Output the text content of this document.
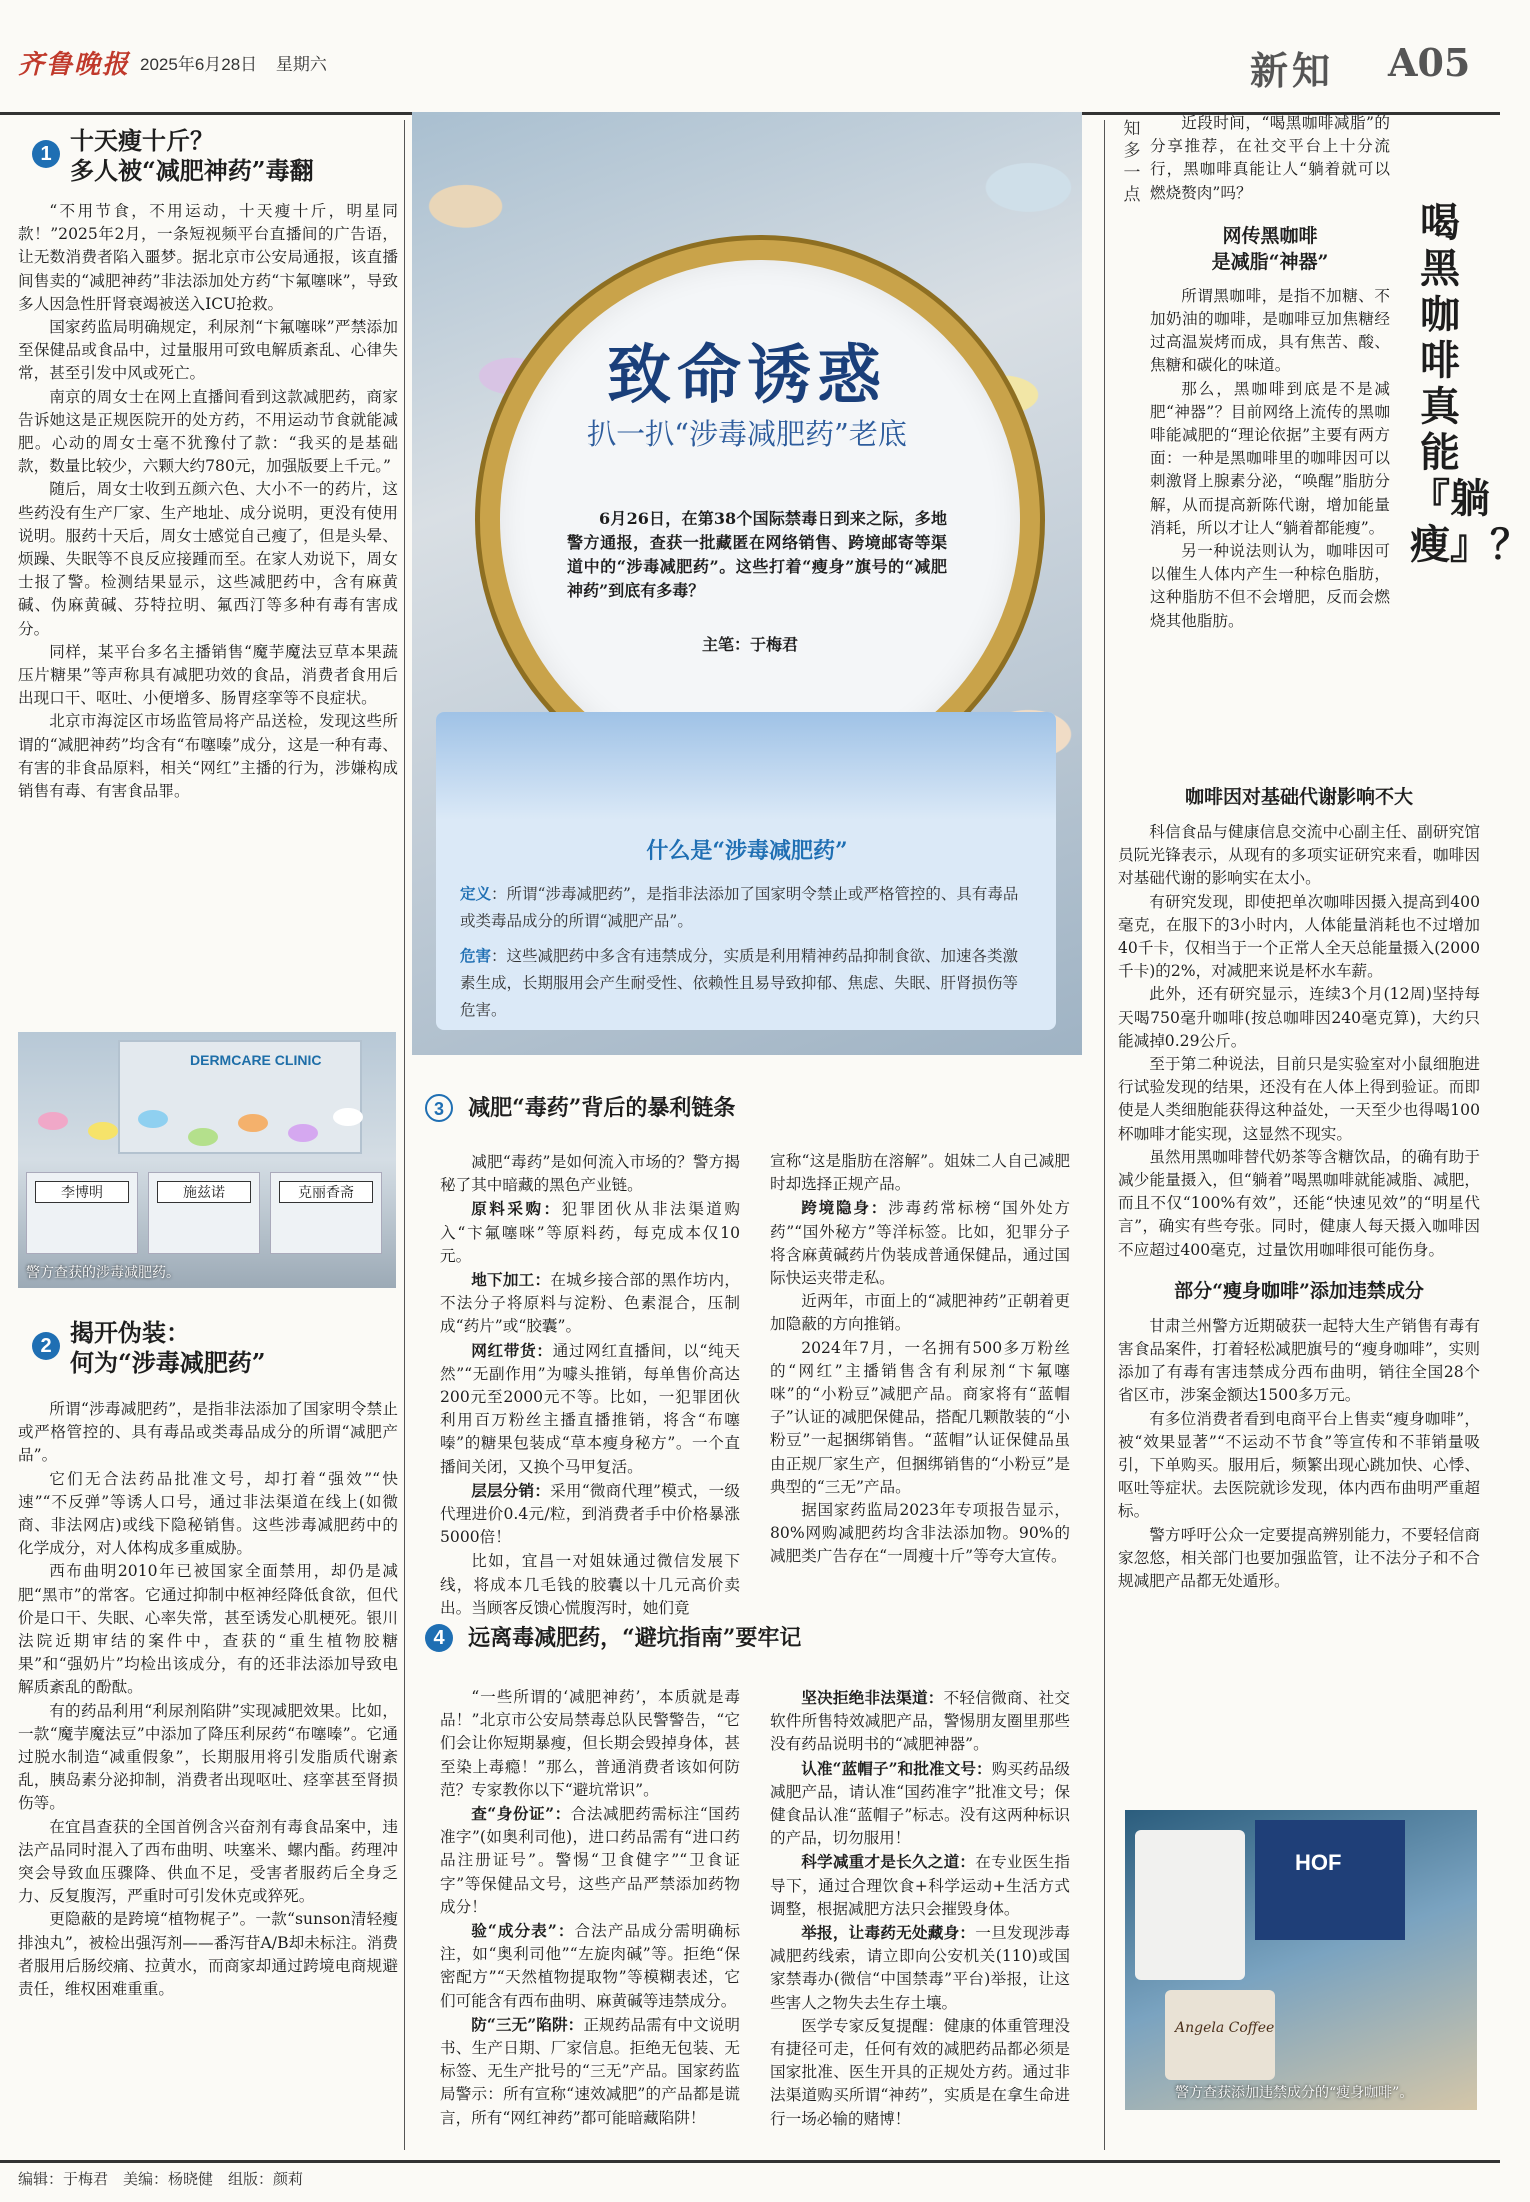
齐鲁晚报 2025年6月28日 星期六	新知 A05
1 十天瘦十斤？
多人被“减肥神药”毒翻

“不用节食，不用运动，十天瘦十斤，明星同款！”2025年2月，一条短视频平台直播间的广告语，让无数消费者陷入噩梦。据北京市公安局通报，该直播间售卖的“减肥神药”非法添加处方药“卞氟噻咪”，导致多人因急性肝肾衰竭被送入ICU抢救。

国家药监局明确规定，利尿剂“卞氟噻咪”严禁添加至保健品或食品中，过量服用可致电解质紊乱、心律失常，甚至引发中风或死亡。

南京的周女士在网上直播间看到这款减肥药，商家告诉她这是正规医院开的处方药，不用运动节食就能减肥。心动的周女士毫不犹豫付了款：“我买的是基础款，数量比较少，六颗大约780元，加强版要上千元。”

随后，周女士收到五颜六色、大小不一的药片，这些药没有生产厂家、生产地址、成分说明，更没有使用说明。服药十天后，周女士感觉自己瘦了，但是头晕、烦躁、失眠等不良反应接踵而至。在家人劝说下，周女士报了警。检测结果显示，这些减肥药中，含有麻黄碱、伪麻黄碱、芬特拉明、氟西汀等多种有毒有害成分。

同样，某平台多名主播销售“魔芋魔法豆草本果蔬压片糖果”等声称具有减肥功效的食品，消费者食用后出现口干、呕吐、小便增多、肠胃痉挛等不良症状。

北京市海淀区市场监管局将产品送检，发现这些所谓的“减肥神药”均含有“布噻嗪”成分，这是一种有毒、有害的非食品原料，相关“网红”主播的行为，涉嫌构成销售有毒、有害食品罪。

DERMCARE CLINIC
李博明	施兹诺	克丽香斋
警方查获的涉毒减肥药。
2 揭开伪装：
何为“涉毒减肥药”

所谓“涉毒减肥药”，是指非法添加了国家明令禁止或严格管控的、具有毒品或类毒品成分的所谓“减肥产品”。

它们无合法药品批准文号，却打着“强效”“快速”“不反弹”等诱人口号，通过非法渠道在线上(如微商、非法网店)或线下隐秘销售。这些涉毒减肥药中的化学成分，对人体构成多重威胁。

西布曲明2010年已被国家全面禁用，却仍是减肥“黑市”的常客。它通过抑制中枢神经降低食欲，但代价是口干、失眠、心率失常，甚至诱发心肌梗死。银川法院近期审结的案件中，查获的“重生植物胶糖果”和“强奶片”均检出该成分，有的还非法添加导致电解质紊乱的酚酞。

有的药品利用“利尿剂陷阱”实现减肥效果。比如，一款“魔芋魔法豆”中添加了降压利尿药“布噻嗪”。它通过脱水制造“减重假象”，长期服用将引发脂质代谢紊乱，胰岛素分泌抑制，消费者出现呕吐、痉挛甚至肾损伤等。

在宜昌查获的全国首例含兴奋剂有毒食品案中，违法产品同时混入了西布曲明、呋塞米、螺内酯。药理冲突会导致血压骤降、供血不足，受害者服药后全身乏力、反复腹泻，严重时可引发休克或猝死。

更隐蔽的是跨境“植物梶子”。一款“sunson清轻瘦排浊丸”，被检出强泻剂——番泻苷A/B却未标注。消费者服用后肠绞痛、拉黄水，而商家却通过跨境电商规避责任，维权困难重重。

致命诱惑
扒一扒“涉毒减肥药”老底
6月26日，在第38个国际禁毒日到来之际，多地警方通报，查获一批藏匿在网络销售、跨境邮寄等渠道中的“涉毒减肥药”。这些打着“瘦身”旗号的“减肥神药”到底有多毒？
主笔：于梅君
什么是“涉毒减肥药”
定义：所谓“涉毒减肥药”，是指非法添加了国家明令禁止或严格管控的、具有毒品或类毒品成分的所谓“减肥产品”。
危害：这些减肥药中多含有违禁成分，实质是利用精神药品抑制食欲、加速各类激素生成，长期服用会产生耐受性、依赖性且易导致抑郁、焦虑、失眠、肝肾损伤等危害。
3 减肥“毒药”背后的暴利链条

减肥“毒药”是如何流入市场的？警方揭秘了其中暗藏的黑色产业链。

原料采购：犯罪团伙从非法渠道购入“卞氟噻咪”等原料药，每克成本仅10元。

地下加工：在城乡接合部的黑作坊内，不法分子将原料与淀粉、色素混合，压制成“药片”或“胶囊”。

网红带货：通过网红直播间，以“纯天然”“无副作用”为噱头推销，每单售价高达200元至2000元不等。比如，一犯罪团伙利用百万粉丝主播直播推销，将含“布噻嗪”的糖果包装成“草本瘦身秘方”。一个直播间关闭，又换个马甲复活。

层层分销：采用“微商代理”模式，一级代理进价0.4元/粒，到消费者手中价格暴涨5000倍！

比如，宜昌一对姐妹通过微信发展下线，将成本几毛钱的胶囊以十几元高价卖出。当顾客反馈心慌腹泻时，她们竟

宣称“这是脂肪在溶解”。姐妹二人自己减肥时却选择正规产品。

跨境隐身：涉毒药常标榜“国外处方药”“国外秘方”等洋标签。比如，犯罪分子将含麻黄碱药片伪装成普通保健品，通过国际快运夹带走私。

近两年，市面上的“减肥神药”正朝着更加隐蔽的方向推销。

2024年7月，一名拥有500多万粉丝的“网红”主播销售含有利尿剂“卞氟噻咪”的“小粉豆”减肥产品。商家将有“蓝帽子”认证的减肥保健品，搭配几颗散装的“小粉豆”一起捆绑销售。“蓝帽”认证保健品虽由正规厂家生产，但捆绑销售的“小粉豆”是典型的“三无”产品。

据国家药监局2023年专项报告显示，80%网购减肥药均含非法添加物。90%的减肥类广告存在“一周瘦十斤”等夸大宣传。

4 远离毒减肥药，“避坑指南”要牢记

“一些所谓的‘减肥神药’，本质就是毒品！”北京市公安局禁毒总队民警警告，“它们会让你短期暴瘦，但长期会毁掉身体，甚至染上毒瘾！”那么，普通消费者该如何防范？专家教你以下“避坑常识”。

查“身份证”：合法减肥药需标注“国药准字”(如奥利司他)，进口药品需有“进口药品注册证号”。警惕“卫食健字”“卫食证字”等保健品文号，这些产品严禁添加药物成分！

验“成分表”：合法产品成分需明确标注，如“奥利司他”“左旋肉碱”等。拒绝“保密配方”“天然植物提取物”等模糊表述，它们可能含有西布曲明、麻黄碱等违禁成分。

防“三无”陷阱：正规药品需有中文说明书、生产日期、厂家信息。拒绝无包装、无标签、无生产批号的“三无”产品。国家药监局警示：所有宣称“速效减肥”的产品都是谎言，所有“网红神药”都可能暗藏陷阱！

坚决拒绝非法渠道：不轻信微商、社交软件所售特效减肥产品，警惕朋友圈里那些没有药品说明书的“减肥神器”。

认准“蓝帽子”和批准文号：购买药品级减肥产品，请认准“国药准字”批准文号；保健食品认准“蓝帽子”标志。没有这两种标识的产品，切勿服用！

科学减重才是长久之道：在专业医生指导下，通过合理饮食+科学运动+生活方式调整，根据减肥方法只会摧毁身体。

举报，让毒药无处藏身：一旦发现涉毒减肥药线索，请立即向公安机关(110)或国家禁毒办(微信“中国禁毒”平台)举报，让这些害人之物失去生存土壤。

医学专家反复提醒：健康的体重管理没有捷径可走，任何有效的减肥药品都必须是国家批准、医生开具的正规处方药。通过非法渠道购买所谓“神药”，实质是在拿生命进行一场必输的赌博！

知多一点
喝黑咖啡真能『躺瘦』？

近段时间，“喝黑咖啡减脂”的分享推荐，在社交平台上十分流行，黑咖啡真能让人“躺着就可以燃烧赘肉”吗？

网传黑咖啡
是减脂“神器”

所谓黑咖啡，是指不加糖、不加奶油的咖啡，是咖啡豆加焦糖经过高温炭烤而成，具有焦苦、酸、焦糖和碳化的味道。

那么，黑咖啡到底是不是减肥“神器”？目前网络上流传的黑咖啡能减肥的“理论依据”主要有两方面：一种是黑咖啡里的咖啡因可以刺激肾上腺素分泌，“唤醒”脂肪分解，从而提高新陈代谢，增加能量消耗，所以才让人“躺着都能瘦”。

另一种说法则认为，咖啡因可以催生人体内产生一种棕色脂肪，这种脂肪不但不会增肥，反而会燃烧其他脂肪。

咖啡因对基础代谢影响不大

科信食品与健康信息交流中心副主任、副研究馆员阮光锋表示，从现有的多项实证研究来看，咖啡因对基础代谢的影响实在太小。

有研究发现，即使把单次咖啡因摄入提高到400毫克，在服下的3小时内，人体能量消耗也不过增加40千卡，仅相当于一个正常人全天总能量摄入(2000千卡)的2%，对减肥来说是杯水车薪。

此外，还有研究显示，连续3个月(12周)坚持每天喝750毫升咖啡(按总咖啡因240毫克算)，大约只能减掉0.29公斤。

至于第二种说法，目前只是实验室对小鼠细胞进行试验发现的结果，还没有在人体上得到验证。而即使是人类细胞能获得这种益处，一天至少也得喝100杯咖啡才能实现，这显然不现实。

虽然用黑咖啡替代奶茶等含糖饮品，的确有助于减少能量摄入，但“躺着”喝黑咖啡就能减脂、减肥，而且不仅“100%有效”，还能“快速见效”的“明星代言”，确实有些夸张。同时，健康人每天摄入咖啡因不应超过400毫克，过量饮用咖啡很可能伤身。

部分“瘦身咖啡”添加违禁成分

甘肃兰州警方近期破获一起特大生产销售有毒有害食品案件，打着轻松减肥旗号的“瘦身咖啡”，实则添加了有毒有害违禁成分西布曲明，销往全国28个省区市，涉案金额达1500多万元。

有多位消费者看到电商平台上售卖“瘦身咖啡”，被“效果显著”“不运动不节食”等宣传和不菲销量吸引，下单购买。服用后，频繁出现心跳加快、心悸、呕吐等症状。去医院就诊发现，体内西布曲明严重超标。

警方呼吁公众一定要提高辨别能力，不要轻信商家忽悠，相关部门也要加强监管，让不法分子和不合规减肥产品都无处遁形。

HOF
Angela Coffee
警方查获添加违禁成分的“瘦身咖啡”。
编辑：于梅君　美编：杨晓健　组版：颜莉
